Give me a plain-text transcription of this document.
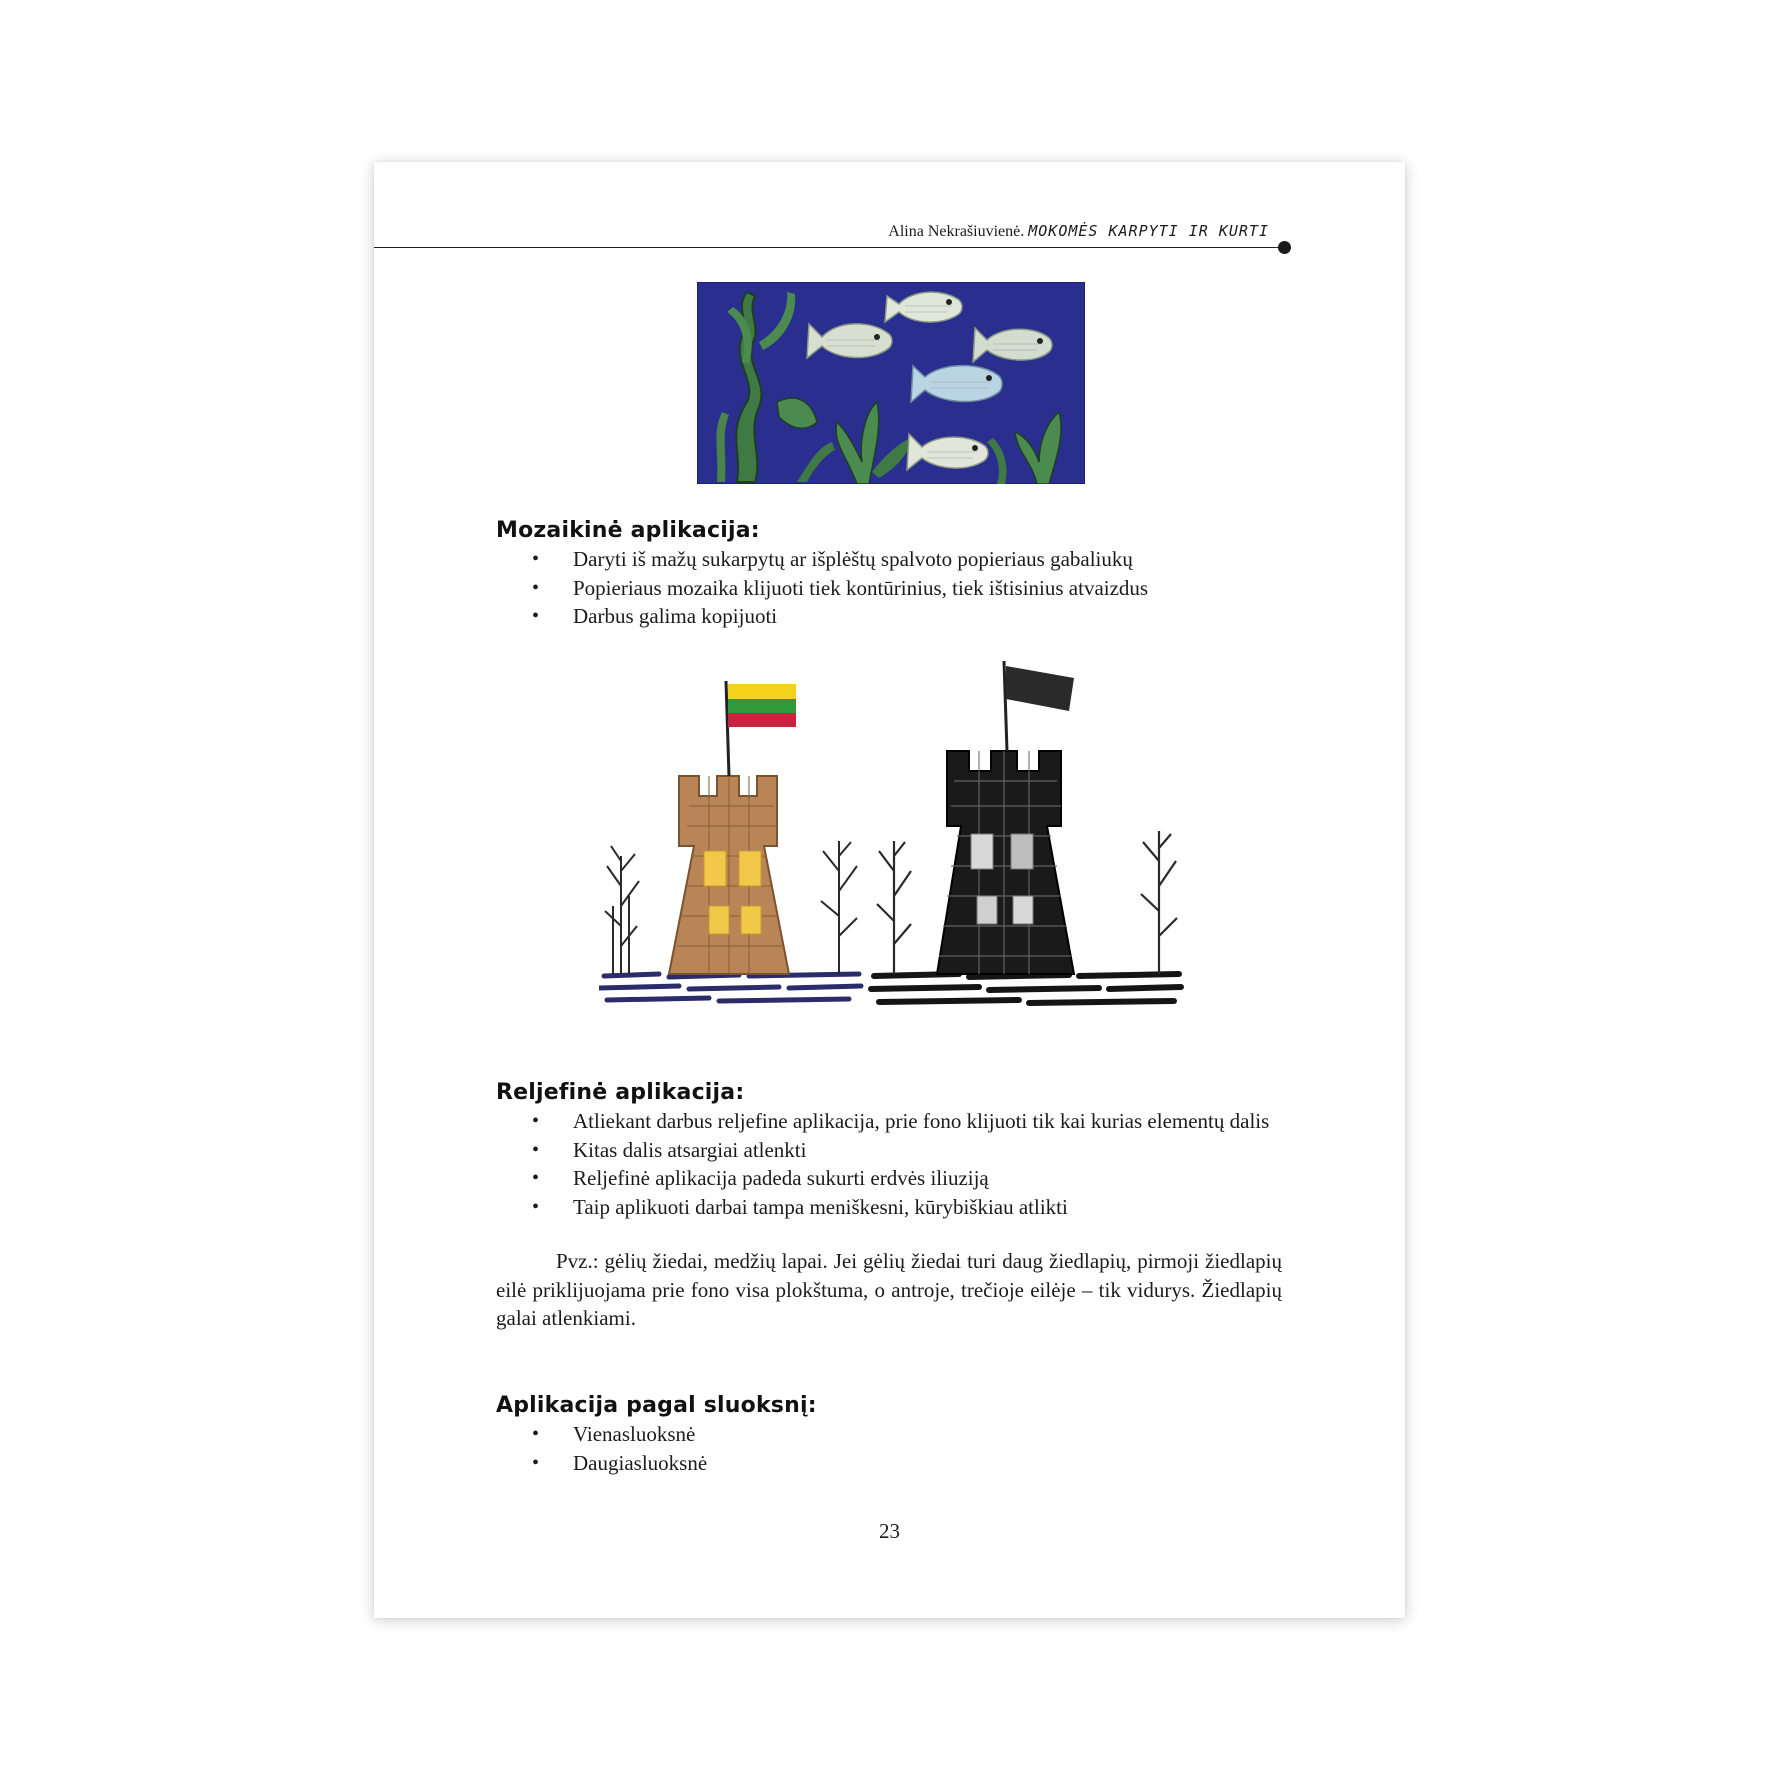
Alina Nekrašiuvienė. MOKOMĖS KARPYTI IR KURTI
Mozaikinė aplikacija:
• Daryti iš mažų sukarpytų ar išplėštų spalvoto popieriaus gabaliukų
• Popieriaus mozaika klijuoti tiek kontūrinius, tiek ištisinius atvaizdus
• Darbus galima kopijuoti
Reljefinė aplikacija:
• Atliekant darbus reljefine aplikacija, prie fono klijuoti tik kai kurias elementų dalis
• Kitas dalis atsargiai atlenkti
• Reljefinė aplikacija padeda sukurti erdvės iliuziją
• Taip aplikuoti darbai tampa meniškesni, kūrybiškiau atlikti

Pvz.: gėlių žiedai, medžių lapai. Jei gėlių žiedai turi daug žiedlapių, pirmoji žiedlapių eilė priklijuojama prie fono visa plokštuma, o antroje, trečioje eilėje – tik vidurys. Žiedlapių galai atlenkiami.

Aplikacija pagal sluoksnį:
• Vienasluoksnė
• Daugiasluoksnė
23
